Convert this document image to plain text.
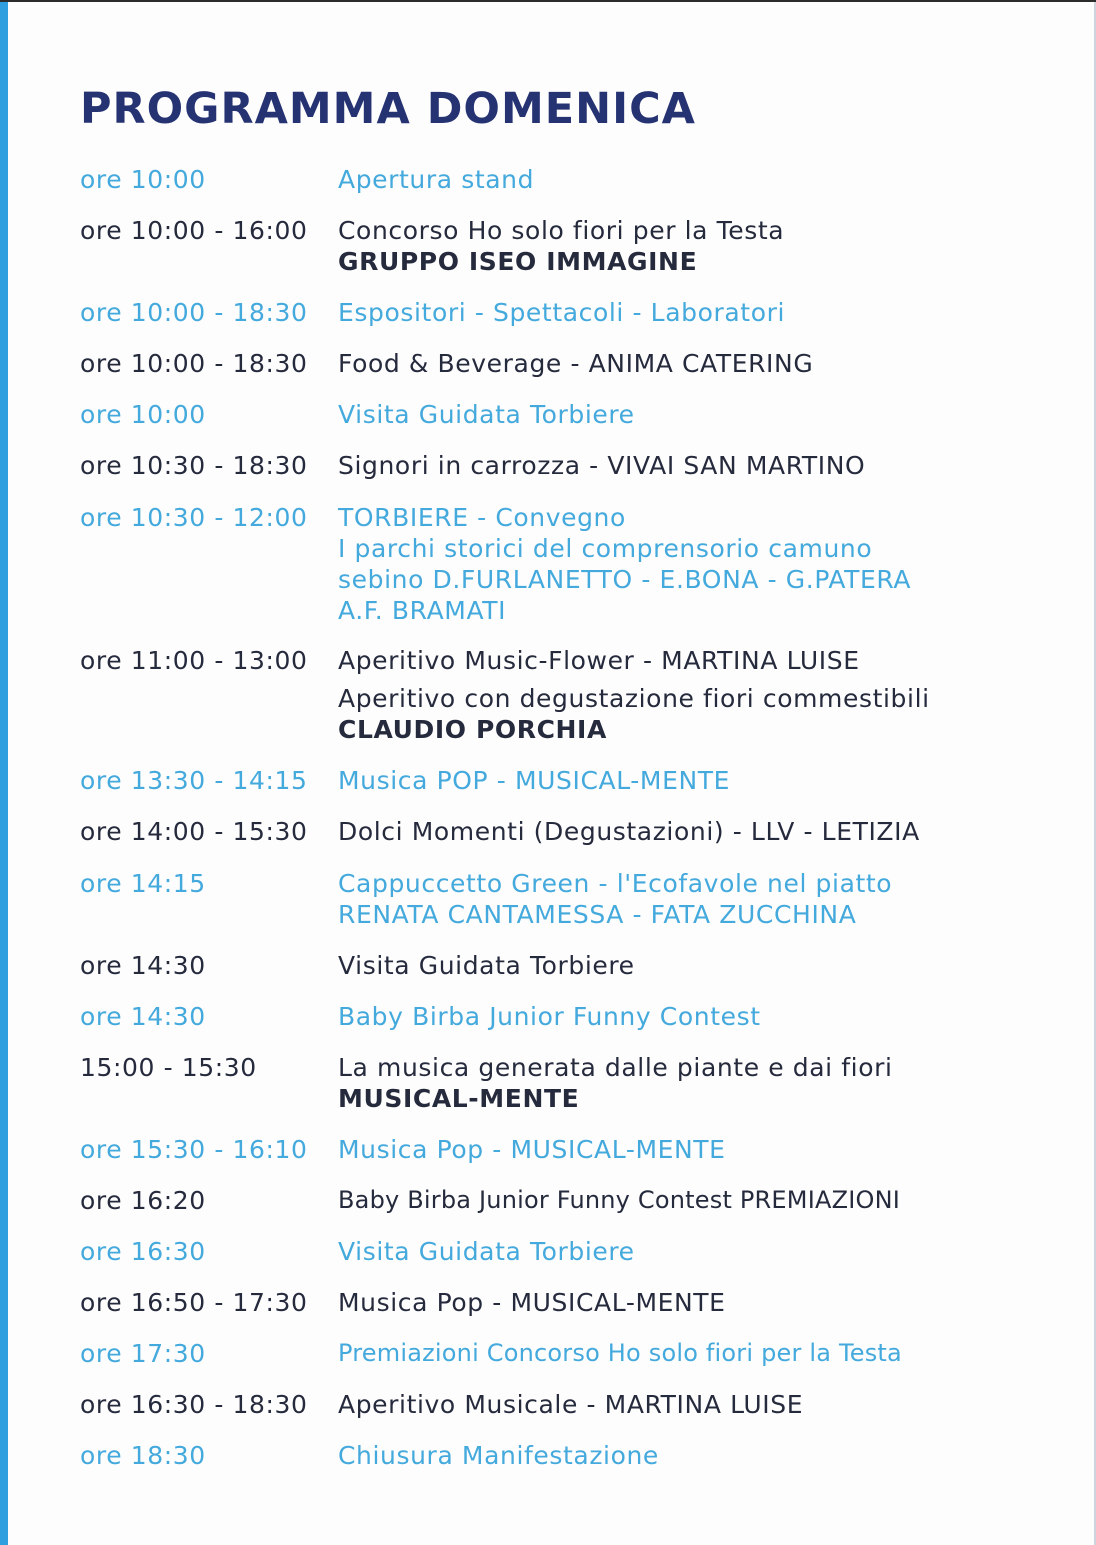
PROGRAMMA DOMENICA
ore 10:00	Apertura stand
ore 10:00 - 16:00	Concorso Ho solo fiori per la Testa
GRUPPO ISEO IMMAGINE
ore 10:00 - 18:30	Espositori - Spettacoli - Laboratori
ore 10:00 - 18:30	Food & Beverage - ANIMA CATERING
ore 10:00	Visita Guidata Torbiere
ore 10:30 - 18:30	Signori in carrozza - VIVAI SAN MARTINO
ore 10:30 - 12:00	TORBIERE - Convegno
I parchi storici del comprensorio camuno
sebino D.FURLANETTO - E.BONA - G.PATERA
A.F. BRAMATI
ore 11:00 - 13:00	Aperitivo Music-Flower - MARTINA LUISE
Aperitivo con degustazione fiori commestibili
CLAUDIO PORCHIA
ore 13:30 - 14:15	Musica POP - MUSICAL-MENTE
ore 14:00 - 15:30	Dolci Momenti (Degustazioni) - LLV - LETIZIA
ore 14:15	Cappuccetto Green - l'Ecofavole nel piatto
RENATA CANTAMESSA - FATA ZUCCHINA
ore 14:30	Visita Guidata Torbiere
ore 14:30	Baby Birba Junior Funny Contest
15:00 - 15:30	La musica generata dalle piante e dai fiori
MUSICAL-MENTE
ore 15:30 - 16:10	Musica Pop - MUSICAL-MENTE
ore 16:20	Baby Birba Junior Funny Contest PREMIAZIONI
ore 16:30	Visita Guidata Torbiere
ore 16:50 - 17:30	Musica Pop - MUSICAL-MENTE
ore 17:30	Premiazioni Concorso Ho solo fiori per la Testa
ore 16:30 - 18:30	Aperitivo Musicale - MARTINA LUISE
ore 18:30	Chiusura Manifestazione
